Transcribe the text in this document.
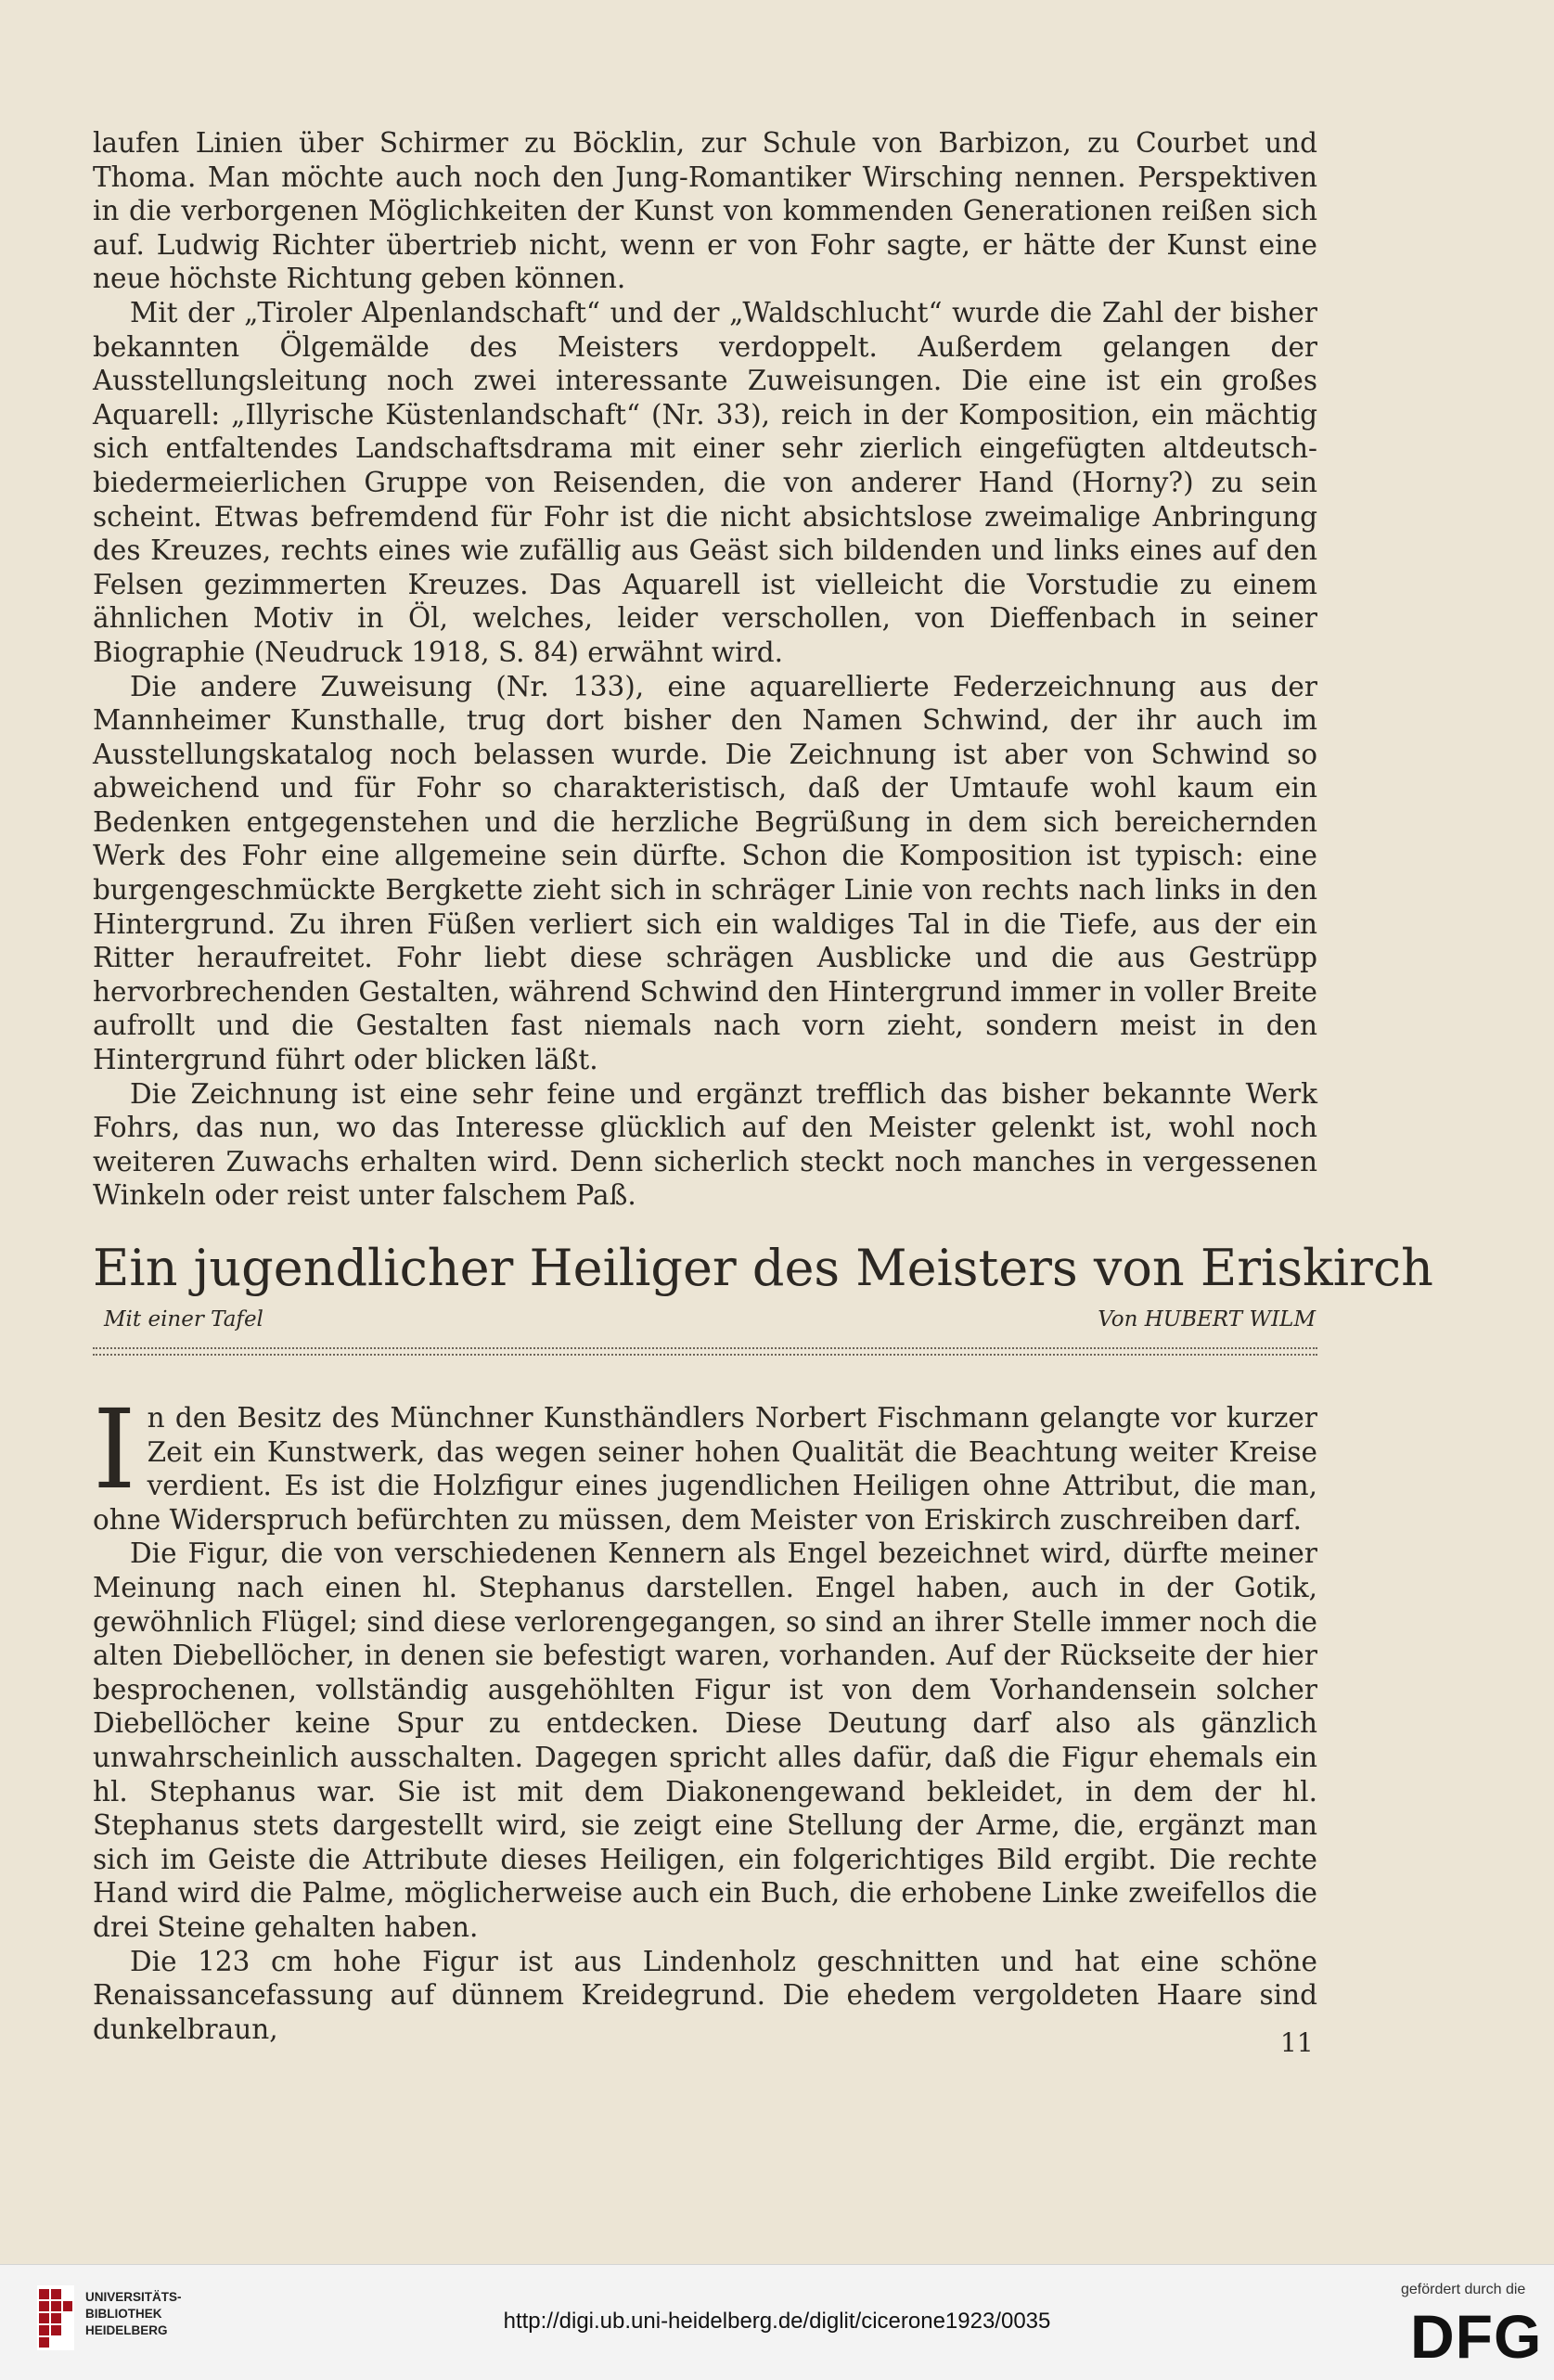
laufen Linien über Schirmer zu Böcklin, zur Schule von Barbizon, zu Courbet und Thoma. Man möchte auch noch den Jung-Romantiker Wirsching nennen. Perspektiven in die verborgenen Möglichkeiten der Kunst von kommenden Generationen reißen sich auf. Ludwig Richter übertrieb nicht, wenn er von Fohr sagte, er hätte der Kunst eine neue höchste Richtung geben können.

Mit der „Tiroler Alpenlandschaft“ und der „Waldschlucht“ wurde die Zahl der bisher bekannten Ölgemälde des Meisters verdoppelt. Außerdem gelangen der Ausstellungsleitung noch zwei interessante Zuweisungen. Die eine ist ein großes Aquarell: „Illyrische Küstenlandschaft“ (Nr. 33), reich in der Komposition, ein mächtig sich entfaltendes Landschaftsdrama mit einer sehr zierlich eingefügten altdeutsch-biedermeierlichen Gruppe von Reisenden, die von anderer Hand (Horny?) zu sein scheint. Etwas befremdend für Fohr ist die nicht absichtslose zweimalige Anbringung des Kreuzes, rechts eines wie zufällig aus Geäst sich bildenden und links eines auf den Felsen gezimmerten Kreuzes. Das Aquarell ist vielleicht die Vorstudie zu einem ähnlichen Motiv in Öl, welches, leider verschollen, von Dieffenbach in seiner Biographie (Neudruck 1918, S. 84) erwähnt wird.

Die andere Zuweisung (Nr. 133), eine aquarellierte Federzeichnung aus der Mannheimer Kunsthalle, trug dort bisher den Namen Schwind, der ihr auch im Ausstellungskatalog noch belassen wurde. Die Zeichnung ist aber von Schwind so abweichend und für Fohr so charakteristisch, daß der Umtaufe wohl kaum ein Bedenken entgegenstehen und die herzliche Begrüßung in dem sich bereichernden Werk des Fohr eine allgemeine sein dürfte. Schon die Komposition ist typisch: eine burgengeschmückte Bergkette zieht sich in schräger Linie von rechts nach links in den Hintergrund. Zu ihren Füßen verliert sich ein waldiges Tal in die Tiefe, aus der ein Ritter heraufreitet. Fohr liebt diese schrägen Ausblicke und die aus Gestrüpp hervorbrechenden Gestalten, während Schwind den Hintergrund immer in voller Breite aufrollt und die Gestalten fast niemals nach vorn zieht, sondern meist in den Hintergrund führt oder blicken läßt.

Die Zeichnung ist eine sehr feine und ergänzt trefflich das bisher bekannte Werk Fohrs, das nun, wo das Interesse glücklich auf den Meister gelenkt ist, wohl noch weiteren Zuwachs erhalten wird. Denn sicherlich steckt noch manches in vergessenen Winkeln oder reist unter falschem Paß.

Ein jugendlicher Heiliger des Meisters von Eriskirch
Mit einer Tafel	Von HUBERT WILM

In den Besitz des Münchner Kunsthändlers Norbert Fischmann gelangte vor kurzer Zeit ein Kunstwerk, das wegen seiner hohen Qualität die Beachtung weiter Kreise verdient. Es ist die Holzfigur eines jugendlichen Heiligen ohne Attribut, die man, ohne Widerspruch befürchten zu müssen, dem Meister von Eriskirch zuschreiben darf.

Die Figur, die von verschiedenen Kennern als Engel bezeichnet wird, dürfte meiner Meinung nach einen hl. Stephanus darstellen. Engel haben, auch in der Gotik, gewöhnlich Flügel; sind diese verlorengegangen, so sind an ihrer Stelle immer noch die alten Diebellöcher, in denen sie befestigt waren, vorhanden. Auf der Rückseite der hier besprochenen, vollständig ausgehöhlten Figur ist von dem Vorhandensein solcher Diebellöcher keine Spur zu entdecken. Diese Deutung darf also als gänzlich unwahrscheinlich ausschalten. Dagegen spricht alles dafür, daß die Figur ehemals ein hl. Stephanus war. Sie ist mit dem Diakonengewand bekleidet, in dem der hl. Stephanus stets dargestellt wird, sie zeigt eine Stellung der Arme, die, ergänzt man sich im Geiste die Attribute dieses Heiligen, ein folgerichtiges Bild ergibt. Die rechte Hand wird die Palme, möglicherweise auch ein Buch, die erhobene Linke zweifellos die drei Steine gehalten haben.

Die 123 cm hohe Figur ist aus Lindenholz geschnitten und hat eine schöne Renaissancefassung auf dünnem Kreidegrund. Die ehedem vergoldeten Haare sind dunkelbraun,	11
UNIVERSITÄTS-
BIBLIOTHEK
HEIDELBERG	http://digi.ub.uni-heidelberg.de/diglit/cicerone1923/0035
gefördert durch die
DFG
